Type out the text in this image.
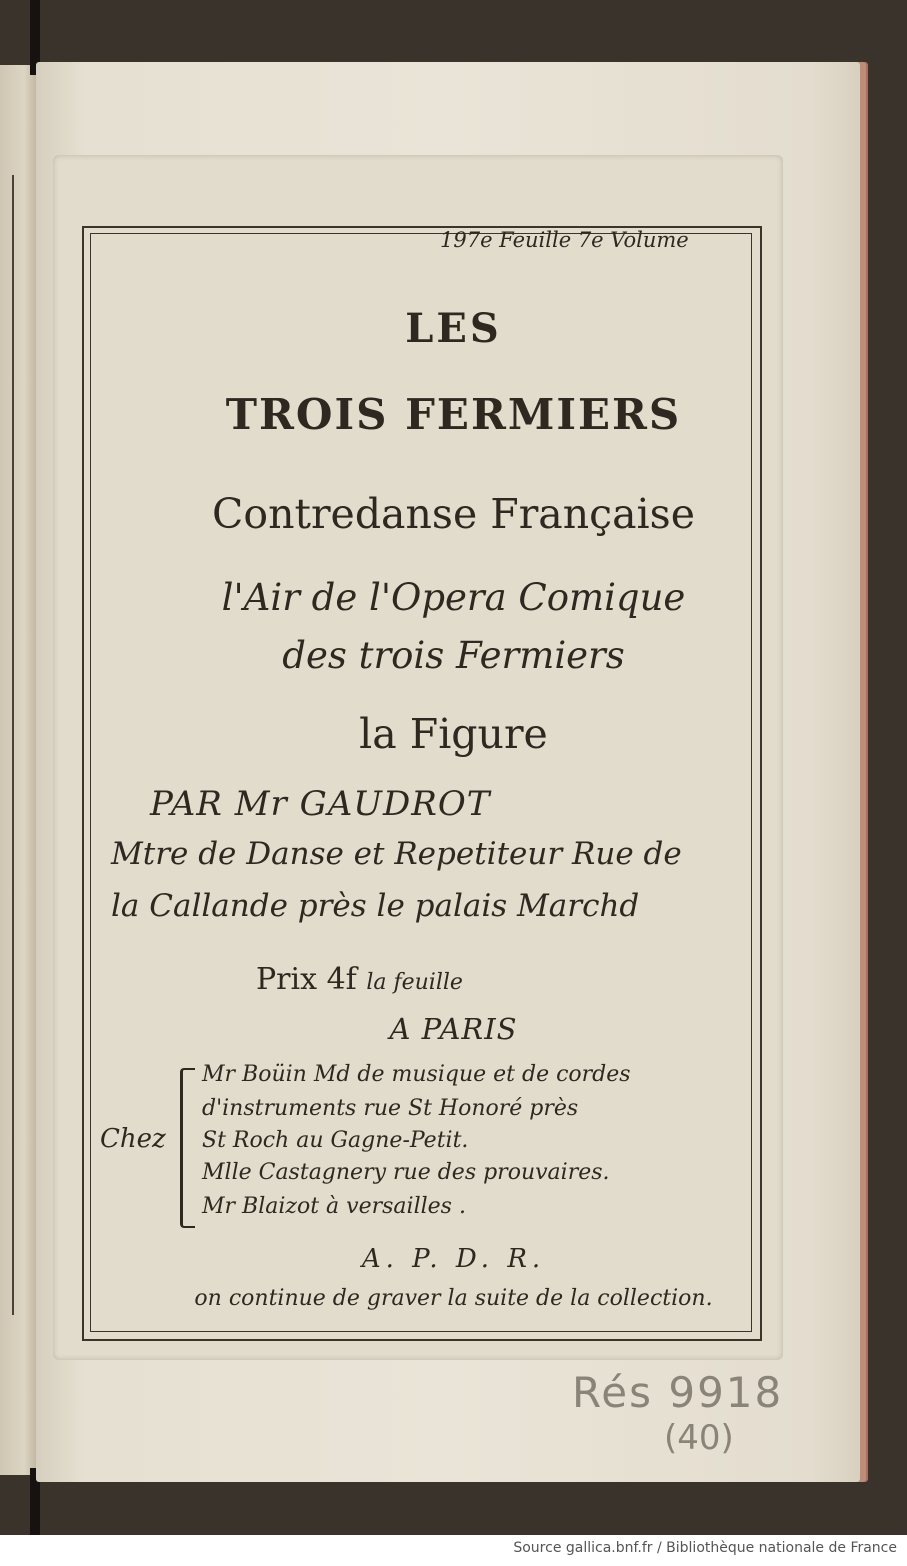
197e Feuille 7e Volume
LES
TROIS FERMIERS
Contredanse Française
l'Air de l'Opera Comique
des trois Fermiers
la Figure
PAR Mr GAUDROT
Mtre de Danse et Repetiteur Rue de
la Callande près le palais Marchd
Prix 4f la feuille
A PARIS
Chez
Mr Boüin Md de musique et de cordes
d'instruments rue St Honoré près
St Roch au Gagne-Petit.
Mlle Castagnery rue des prouvaires.
Mr Blaizot à versailles .
A. P. D. R.
on continue de graver la suite de la collection.
Rés 9918
(40)
Source gallica.bnf.fr / Bibliothèque nationale de France
